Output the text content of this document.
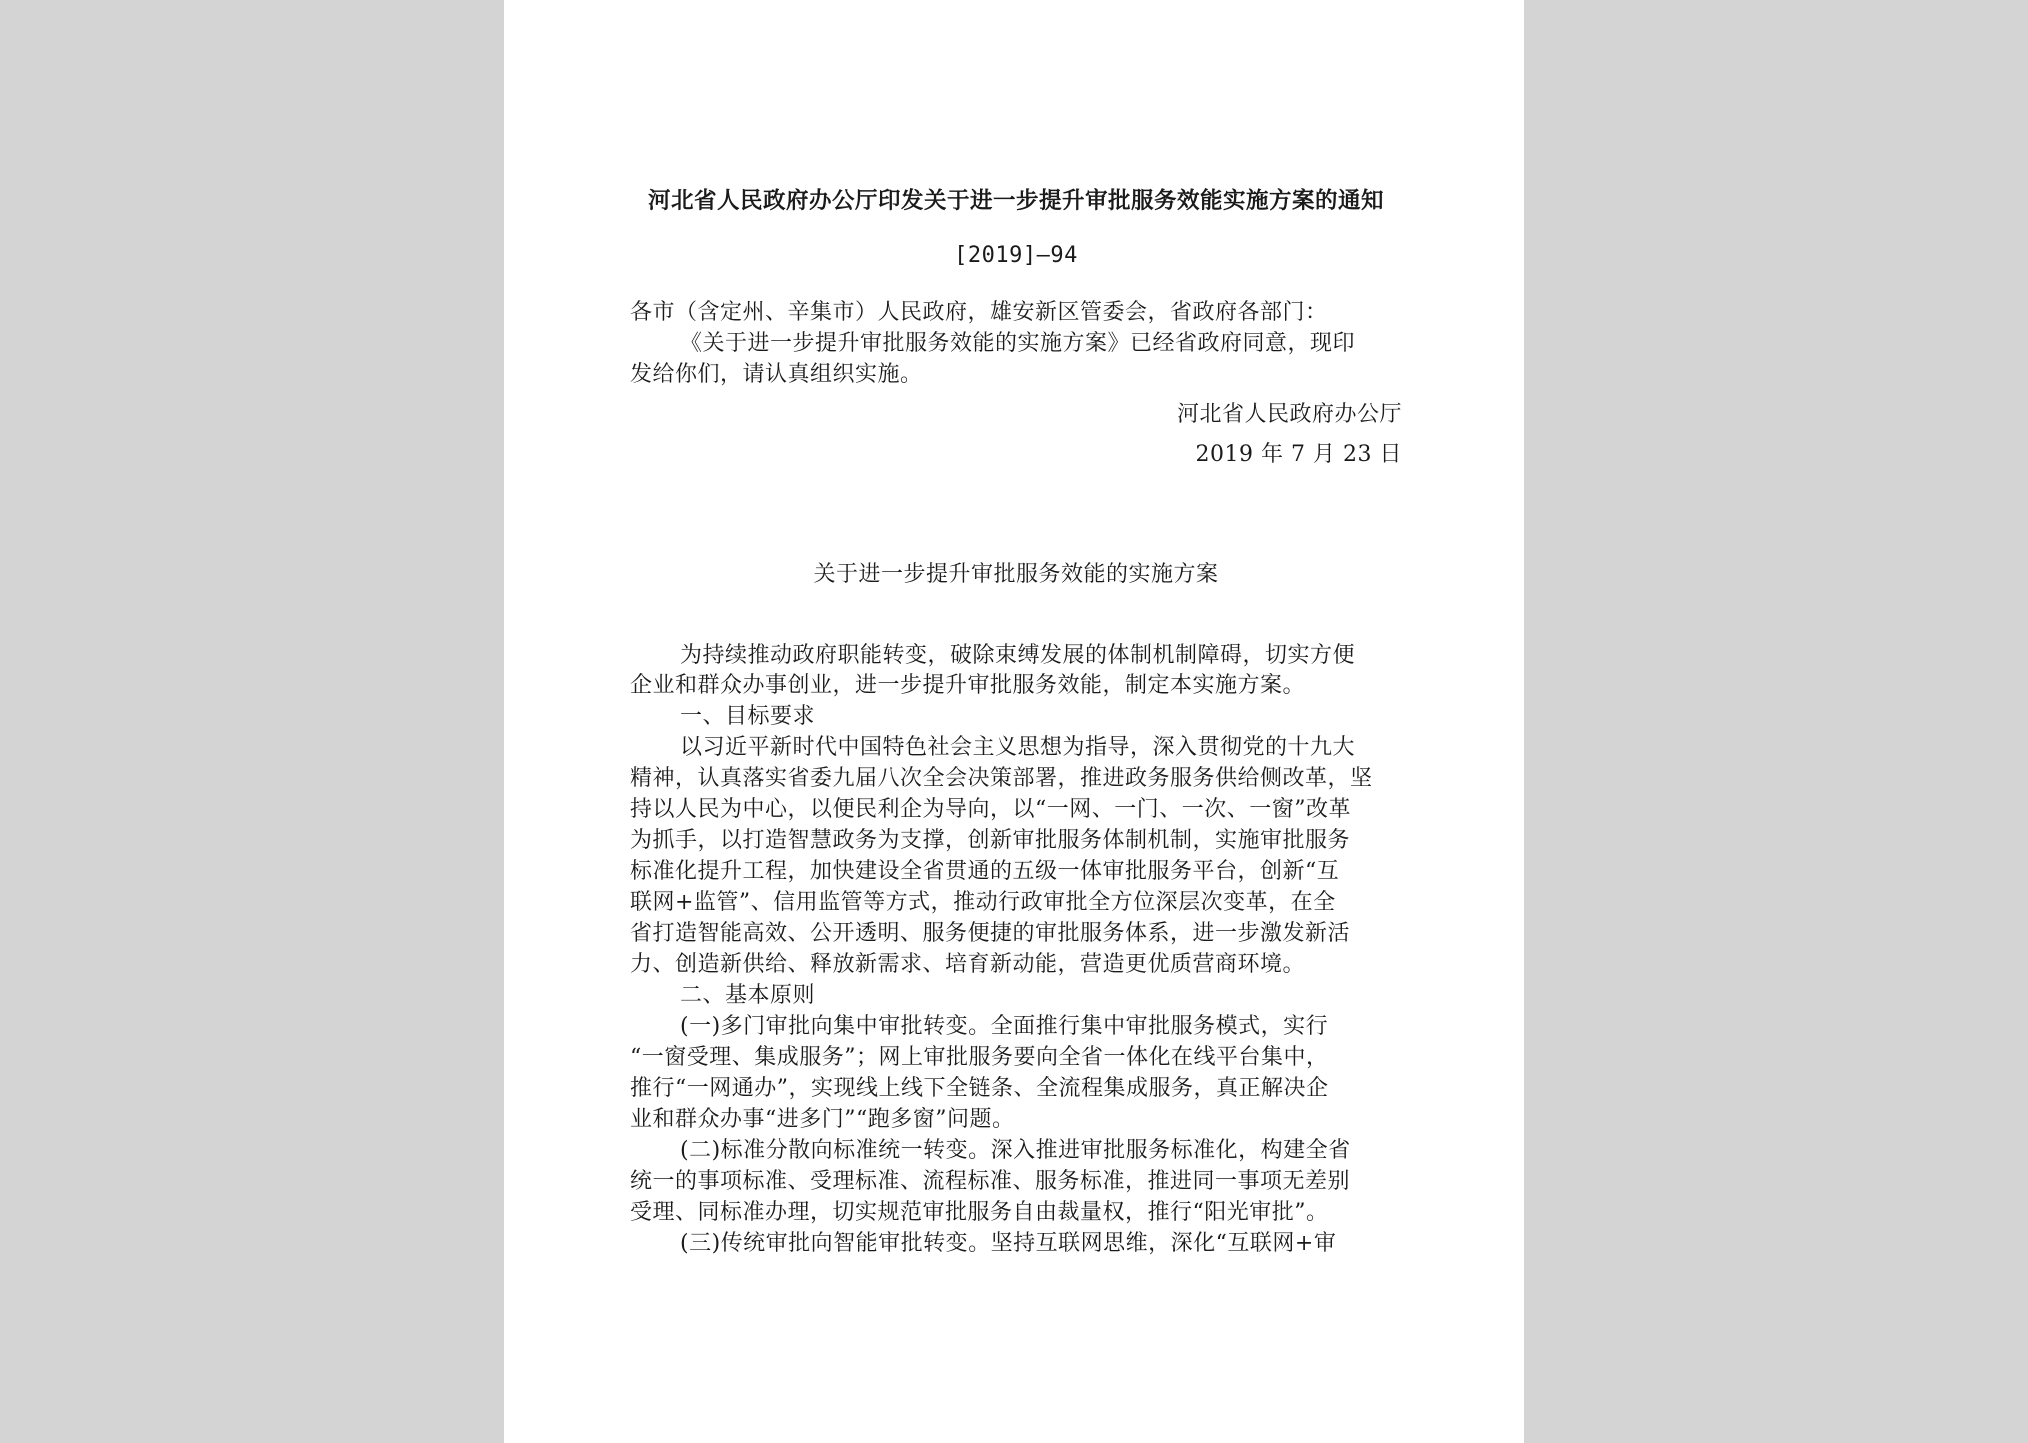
河北省人民政府办公厅印发关于进一步提升审批服务效能实施方案的通知
[2019]—94
各市（含定州、辛集市）人民政府，雄安新区管委会，省政府各部门：
《关于进一步提升审批服务效能的实施方案》已经省政府同意，现印
发给你们，请认真组织实施。
河北省人民政府办公厅
2019 年 7 月 23 日
关于进一步提升审批服务效能的实施方案
为持续推动政府职能转变，破除束缚发展的体制机制障碍，切实方便
企业和群众办事创业，进一步提升审批服务效能，制定本实施方案。
一、目标要求
以习近平新时代中国特色社会主义思想为指导，深入贯彻党的十九大
精神，认真落实省委九届八次全会决策部署，推进政务服务供给侧改革，坚
持以人民为中心，以便民利企为导向，以“一网、一门、一次、一窗”改革
为抓手，以打造智慧政务为支撑，创新审批服务体制机制，实施审批服务
标准化提升工程，加快建设全省贯通的五级一体审批服务平台，创新“互
联网+监管”、信用监管等方式，推动行政审批全方位深层次变革，在全
省打造智能高效、公开透明、服务便捷的审批服务体系，进一步激发新活
力、创造新供给、释放新需求、培育新动能，营造更优质营商环境。
二、基本原则
(一)多门审批向集中审批转变。全面推行集中审批服务模式，实行
“一窗受理、集成服务”；网上审批服务要向全省一体化在线平台集中，
推行“一网通办”，实现线上线下全链条、全流程集成服务，真正解决企
业和群众办事“进多门”“跑多窗”问题。
(二)标准分散向标准统一转变。深入推进审批服务标准化，构建全省
统一的事项标准、受理标准、流程标准、服务标准，推进同一事项无差别
受理、同标准办理，切实规范审批服务自由裁量权，推行“阳光审批”。
(三)传统审批向智能审批转变。坚持互联网思维，深化“互联网+审
